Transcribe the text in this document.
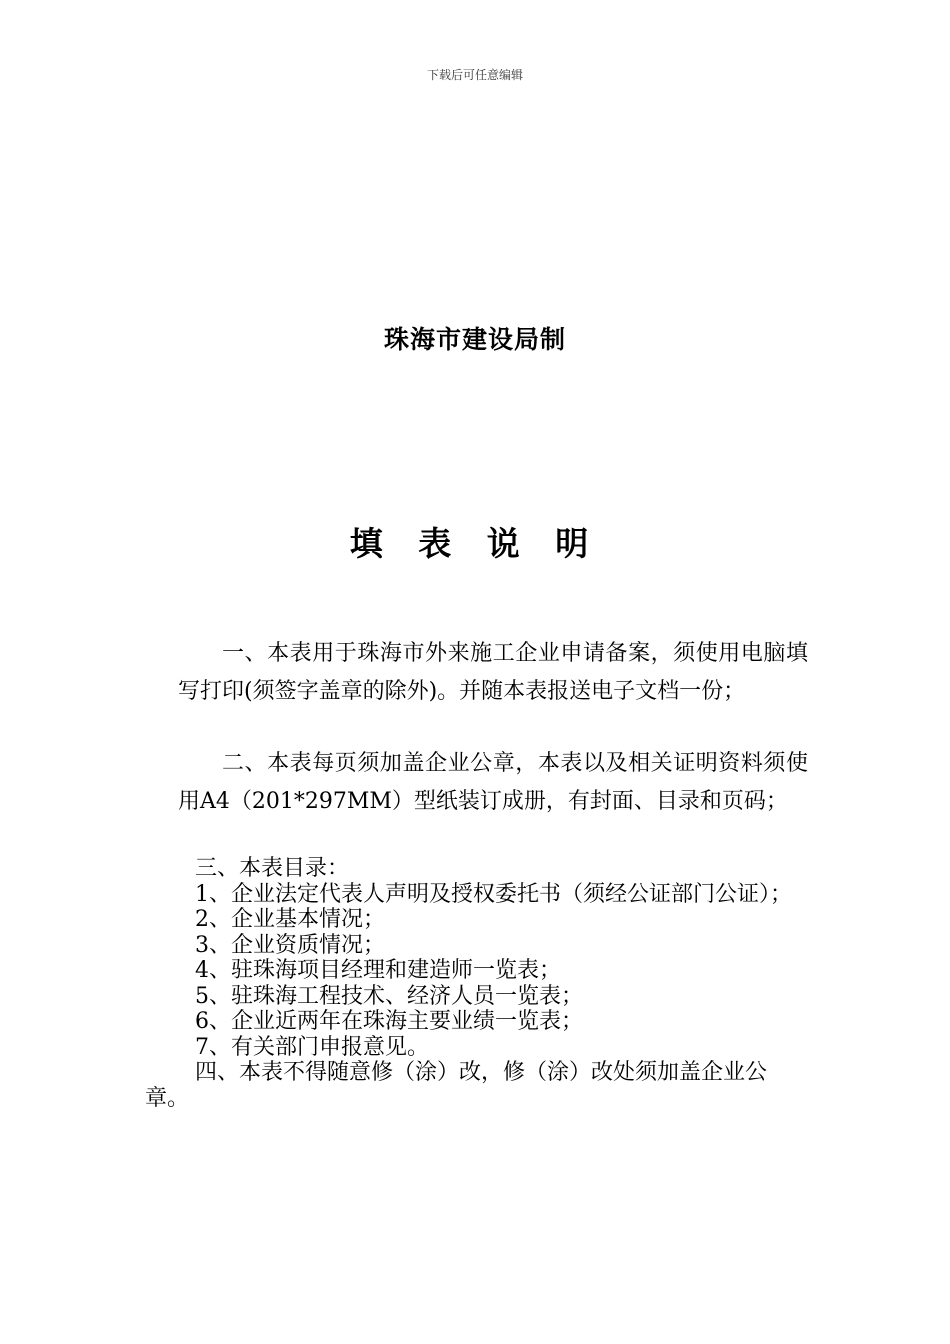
下载后可任意编辑
珠海市建设局制
填 表 说 明
一、本表用于珠海市外来施工企业申请备案，须使用电脑填写打印(须签字盖章的除外)。并随本表报送电子文档一份；
二、本表每页须加盖企业公章，本表以及相关证明资料须使用A4（201*297MM）型纸装订成册，有封面、目录和页码；
三、本表目录：
1、企业法定代表人声明及授权委托书（须经公证部门公证）；
2、企业基本情况；
3、企业资质情况；
4、驻珠海项目经理和建造师一览表；
5、驻珠海工程技术、经济人员一览表；
6、企业近两年在珠海主要业绩一览表；
7、有关部门申报意见。
四、本表不得随意修（涂）改，修（涂）改处须加盖企业公章。
